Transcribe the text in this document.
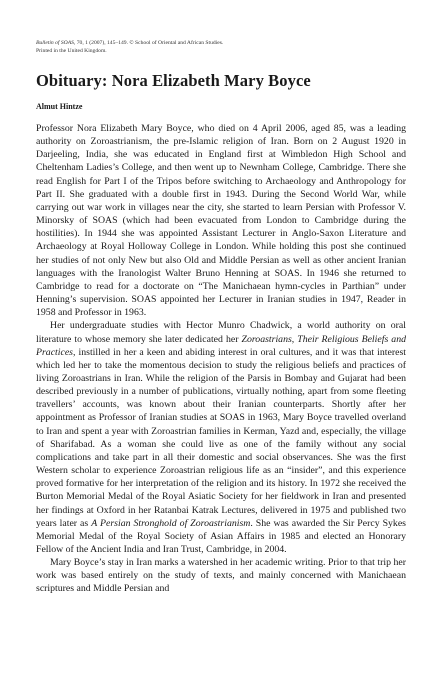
Bulletin of SOAS, 70, 1 (2007), 145–149. © School of Oriental and African Studies.

Printed in the United Kingdom.

Obituary: Nora Elizabeth Mary Boyce
Almut Hintze

Professor Nora Elizabeth Mary Boyce, who died on 4 April 2006, aged 85, was a leading authority on Zoroastrianism, the pre-Islamic religion of Iran. Born on 2 August 1920 in Darjeeling, India, she was educated in England first at Wimbledon High School and Cheltenham Ladies’s College, and then went up to Newnham College, Cambridge. There she read English for Part I of the Tripos before switching to Archaeology and Anthropology for Part II. She graduated with a double first in 1943. During the Second World War, while carrying out war work in villages near the city, she started to learn Persian with Professor V. Minorsky of SOAS (which had been evacuated from London to Cambridge during the hostilities). In 1944 she was appointed Assistant Lecturer in Anglo-Saxon Literature and Archaeology at Royal Holloway College in London. While holding this post she continued her studies of not only New but also Old and Middle Persian as well as other ancient Iranian languages with the Iranologist Walter Bruno Henning at SOAS. In 1946 she returned to Cambridge to read for a doctorate on “The Manichaean hymn-cycles in Parthian” under Henning’s supervision. SOAS appointed her Lecturer in Iranian studies in 1947, Reader in 1958 and Professor in 1963.

Her undergraduate studies with Hector Munro Chadwick, a world authority on oral literature to whose memory she later dedicated her Zoroastrians, Their Religious Beliefs and Practices, instilled in her a keen and abiding interest in oral cultures, and it was that interest which led her to take the momentous decision to study the religious beliefs and practices of living Zoroastrians in Iran. While the religion of the Parsis in Bombay and Gujarat had been described previously in a number of publications, virtually nothing, apart from some fleeting travellers’ accounts, was known about their Iranian counterparts. Shortly after her appointment as Professor of Iranian studies at SOAS in 1963, Mary Boyce travelled overland to Iran and spent a year with Zoroastrian families in Kerman, Yazd and, especially, the village of Sharifabad. As a woman she could live as one of the family without any social complications and take part in all their domestic and social observances. She was the first Western scholar to experience Zoroastrian religious life as an “insider”, and this experience proved formative for her interpretation of the religion and its history. In 1972 she received the Burton Memorial Medal of the Royal Asiatic Society for her fieldwork in Iran and presented her findings at Oxford in her Ratanbai Katrak Lectures, delivered in 1975 and published two years later as A Persian Stronghold of Zoroastrianism. She was awarded the Sir Percy Sykes Memorial Medal of the Royal Society of Asian Affairs in 1985 and elected an Honorary Fellow of the Ancient India and Iran Trust, Cambridge, in 2004.

Mary Boyce’s stay in Iran marks a watershed in her academic writing. Prior to that trip her work was based entirely on the study of texts, and mainly concerned with Manichaean scriptures and Middle Persian and
